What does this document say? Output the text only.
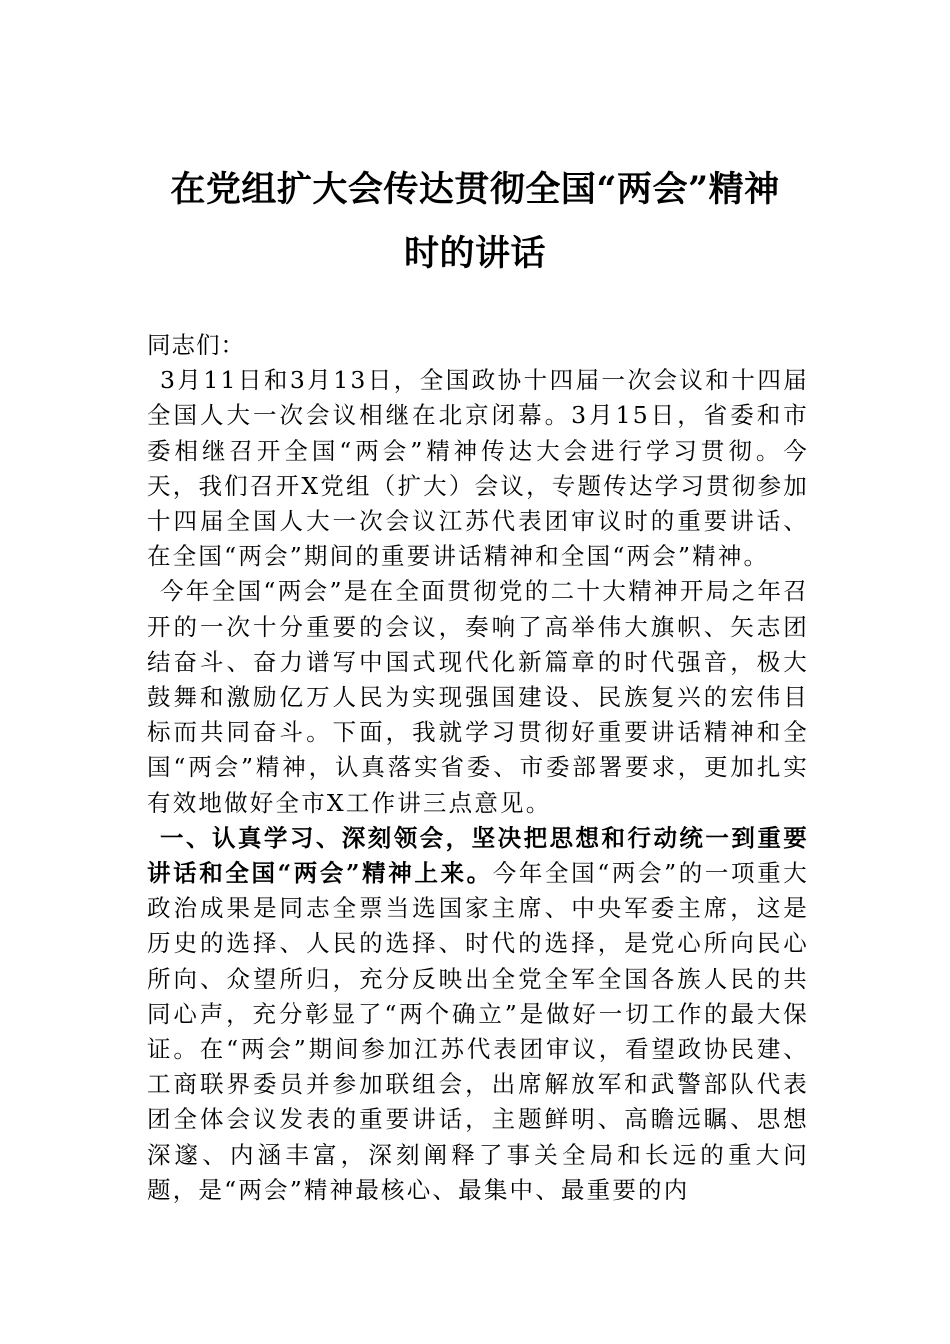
在党组扩大会传达贯彻全国“两会”精神
时的讲话
同志们：

3月11日和3月13日，全国政协十四届一次会议和十四届全国人大一次会议相继在北京闭幕。3月15日，省委和市委相继召开全国“两会”精神传达大会进行学习贯彻。今天，我们召开X党组（扩大）会议，专题传达学习贯彻参加十四届全国人大一次会议江苏代表团审议时的重要讲话、在全国“两会”期间的重要讲话精神和全国“两会”精神。

今年全国“两会”是在全面贯彻党的二十大精神开局之年召开的一次十分重要的会议，奏响了高举伟大旗帜、矢志团结奋斗、奋力谱写中国式现代化新篇章的时代强音，极大鼓舞和激励亿万人民为实现强国建设、民族复兴的宏伟目标而共同奋斗。下面，我就学习贯彻好重要讲话精神和全国“两会”精神，认真落实省委、市委部署要求，更加扎实有效地做好全市X工作讲三点意见。

一、认真学习、深刻领会，坚决把思想和行动统一到重要讲话和全国“两会”精神上来。今年全国“两会”的一项重大政治成果是同志全票当选国家主席、中央军委主席，这是历史的选择、人民的选择、时代的选择，是党心所向民心所向、众望所归，充分反映出全党全军全国各族人民的共同心声，充分彰显了“两个确立”是做好一切工作的最大保证。在“两会”期间参加江苏代表团审议，看望政协民建、工商联界委员并参加联组会，出席解放军和武警部队代表团全体会议发表的重要讲话，主题鲜明、高瞻远瞩、思想深邃、内涵丰富，深刻阐释了事关全局和长远的重大问题，是“两会”精神最核心、最集中、最重要的内
